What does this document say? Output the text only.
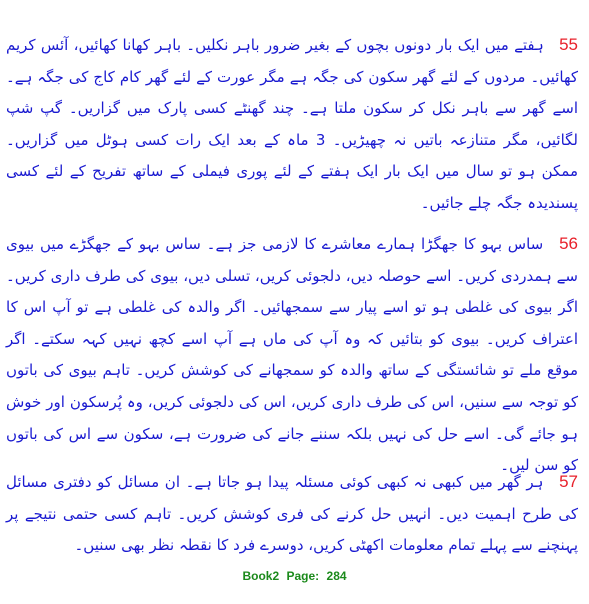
55 ہفتے میں ایک بار دونوں بچوں کے بغیر ضرور باہر نکلیں۔ باہر کھانا کھائیں، آئس کریم کھائیں۔ مردوں کے لئے گھر سکون کی جگہ ہے مگر عورت کے لئے گھر کام کاج کی جگہ ہے۔ اسے گھر سے باہر نکل کر سکون ملتا ہے۔ چند گھنٹے کسی پارک میں گزاریں۔ گپ شپ لگائیں، مگر متنازعہ باتیں نہ چھیڑیں۔ 3 ماہ کے بعد ایک رات کسی ہوٹل میں گزاریں۔ ممکن ہو تو سال میں ایک بار ایک ہفتے کے لئے پوری فیملی کے ساتھ تفریح کے لئے کسی پسندیدہ جگہ چلے جائیں۔

56 ساس بہو کا جھگڑا ہمارے معاشرے کا لازمی جز ہے۔ ساس بہو کے جھگڑے میں بیوی سے ہمدردی کریں۔ اسے حوصلہ دیں، دلجوئی کریں، تسلی دیں، بیوی کی طرف داری کریں۔ اگر بیوی کی غلطی ہو تو اسے پیار سے سمجھائیں۔ اگر والدہ کی غلطی ہے تو آپ اس کا اعتراف کریں۔ بیوی کو بتائیں کہ وہ آپ کی ماں ہے آپ اسے کچھ نہیں کہہ سکتے۔ اگر موقع ملے تو شائستگی کے ساتھ والدہ کو سمجھانے کی کوشش کریں۔ تاہم بیوی کی باتوں کو توجہ سے سنیں، اس کی طرف داری کریں، اس کی دلجوئی کریں، وہ پُرسکون اور خوش ہو جائے گی۔ اسے حل کی نہیں بلکہ سننے جانے کی ضرورت ہے، سکون سے اس کی باتوں کو سن لیں۔

57 ہر گھر میں کبھی نہ کبھی کوئی مسئلہ پیدا ہو جاتا ہے۔ ان مسائل کو دفتری مسائل کی طرح اہمیت دیں۔ انہیں حل کرنے کی فری کوشش کریں۔ تاہم کسی حتمی نتیجے پر پہنچنے سے پہلے تمام معلومات اکھٹی کریں، دوسرے فرد کا نقطہ نظر بھی سنیں۔

Book2 Page: 284
